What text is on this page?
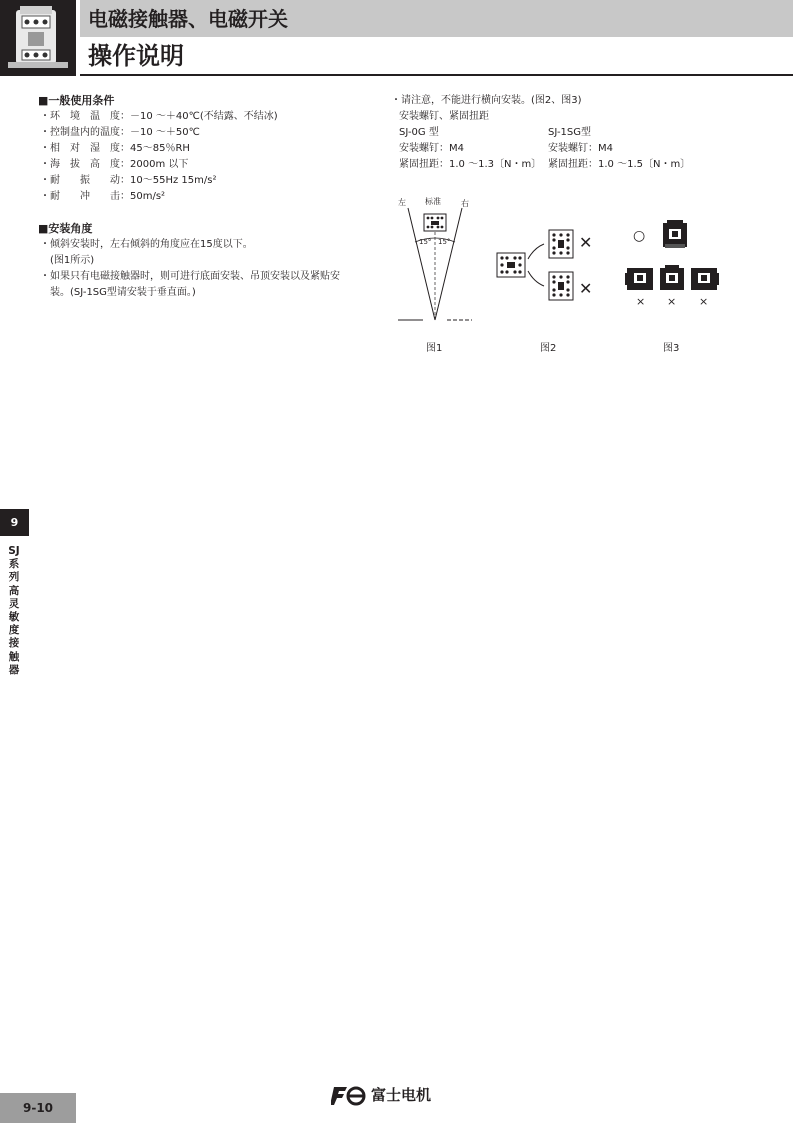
电磁接触器、电磁开关
操作说明
■一般使用条件
・环　境　温　度：－10 ～＋40℃(不结露、不结冰)
・控制盘内的温度：－10 ～＋50℃
・相　对　湿　度：45～85％RH
・海　拔　高　度：2000m 以下
・耐　　振　　动：10～55Hz 15m/s²
・耐　　冲　　击：50m/s²
■安装角度
・倾斜安装时，左右倾斜的角度应在15度以下。
　(图1所示)
・如果只有电磁接触器时，则可进行底面安装、吊顶安装以及紧贴安
　装。(SJ-1SG型请安装于垂直面。)
・请注意，不能进行横向安装。(图2、图3)
安装螺钉、紧固扭距
SJ-0G 型	SJ-1SG型
安装螺钉：M4	安装螺钉：M4
紧固扭距：1.0 ～1.3〔N・m〕 紧固扭距：1.0 ～1.5〔N・m〕
左 标准	右
15° 15°
图1
✕
✕
图2
○
× × ×
图3
9
SJ系列 高灵敏度接触器
9-10
富士电机
